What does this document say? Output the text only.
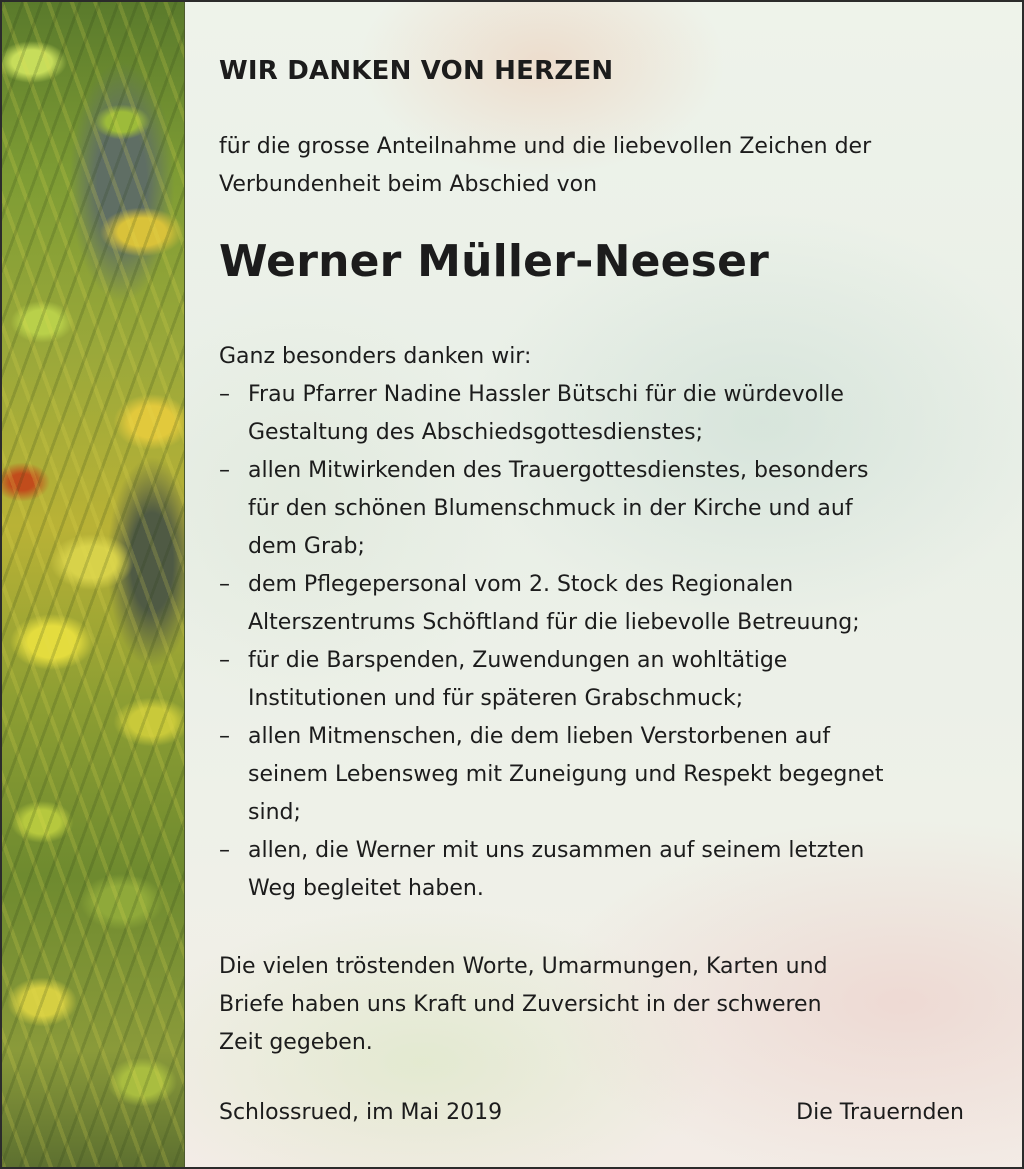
WIR DANKEN VON HERZEN
für die grosse Anteilnahme und die liebevollen Zeichen der
Verbundenheit beim Abschied von
Werner Müller-Neeser
Ganz besonders danken wir:
– Frau Pfarrer Nadine Hassler Bütschi für die würdevolle
Gestaltung des Abschiedsgottesdienstes;
– allen Mitwirkenden des Trauergottesdienstes, besonders
für den schönen Blumenschmuck in der Kirche und auf
dem Grab;
– dem Pflegepersonal vom 2. Stock des Regionalen
Alterszentrums Schöftland für die liebevolle Betreuung;
– für die Barspenden, Zuwendungen an wohltätige
Institutionen und für späteren Grabschmuck;
– allen Mitmenschen, die dem lieben Verstorbenen auf
seinem Lebensweg mit Zuneigung und Respekt begegnet
sind;
– allen, die Werner mit uns zusammen auf seinem letzten
Weg begleitet haben.
Die vielen tröstenden Worte, Umarmungen, Karten und
Briefe haben uns Kraft und Zuversicht in der schweren
Zeit gegeben.
Schlossrued, im Mai 2019	Die Trauernden
